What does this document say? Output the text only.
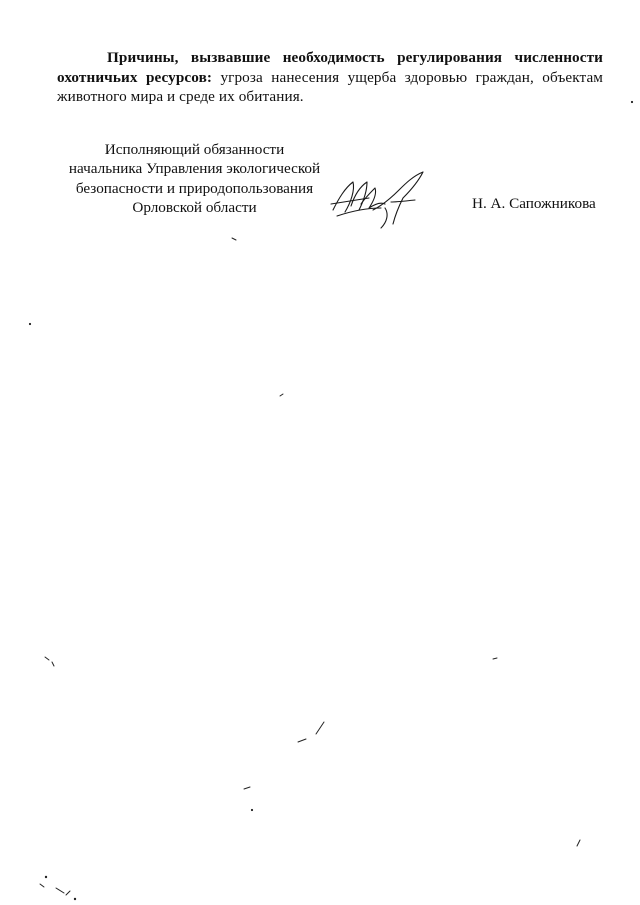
Причины, вызвавшие необходимость регулирования численности охотничьих ресурсов: угроза нанесения ущерба здоровью граждан, объектам животного мира и среде их обитания.

Исполняющий обязанности
начальника Управления экологической
безопасности и природопользования
Орловской области	Н. А. Сапожникова
